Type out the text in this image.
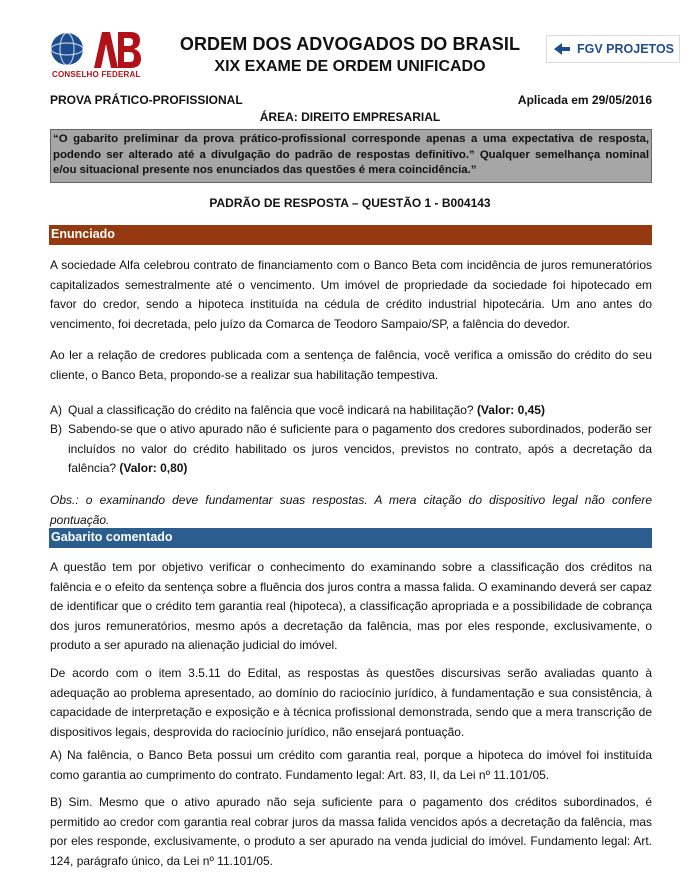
CONSELHO FEDERAL
ORDEM DOS ADVOGADOS DO BRASIL
XIX EXAME DE ORDEM UNIFICADO
FGV PROJETOS
PROVA PRÁTICO-PROFISSIONAL	Aplicada em 29/05/2016
ÁREA: DIREITO EMPRESARIAL
“O gabarito preliminar da prova prático-profissional corresponde apenas a uma expectativa de resposta, podendo ser alterado até a divulgação do padrão de respostas definitivo.” Qualquer semelhança nominal e/ou situacional presente nos enunciados das questões é mera coincidência.”
PADRÃO DE RESPOSTA – QUESTÃO 1 - B004143
Enunciado
A sociedade Alfa celebrou contrato de financiamento com o Banco Beta com incidência de juros remuneratórios capitalizados semestralmente até o vencimento. Um imóvel de propriedade da sociedade foi hipotecado em favor do credor, sendo a hipoteca instituída na cédula de crédito industrial hipotecária. Um ano antes do vencimento, foi decretada, pelo juízo da Comarca de Teodoro Sampaio/SP, a falência do devedor.
Ao ler a relação de credores publicada com a sentença de falência, você verifica a omissão do crédito do seu cliente, o Banco Beta, propondo-se a realizar sua habilitação tempestiva.
A) Qual a classificação do crédito na falência que você indicará na habilitação? (Valor: 0,45)
B) Sabendo-se que o ativo apurado não é suficiente para o pagamento dos credores subordinados, poderão ser incluídos no valor do crédito habilitado os juros vencidos, previstos no contrato, após a decretação da falência? (Valor: 0,80)
Obs.: o examinando deve fundamentar suas respostas. A mera citação do dispositivo legal não confere pontuação.
Gabarito comentado
A questão tem por objetivo verificar o conhecimento do examinando sobre a classificação dos créditos na falência e o efeito da sentença sobre a fluência dos juros contra a massa falida. O examinando deverá ser capaz de identificar que o crédito tem garantia real (hipoteca), a classificação apropriada e a possibilidade de cobrança dos juros remuneratórios, mesmo após a decretação da falência, mas por eles responde, exclusivamente, o produto a ser apurado na alienação judicial do imóvel.
De acordo com o item 3.5.11 do Edital, as respostas às questões discursivas serão avaliadas quanto à adequação ao problema apresentado, ao domínio do raciocínio jurídico, à fundamentação e sua consistência, à capacidade de interpretação e exposição e à técnica profissional demonstrada, sendo que a mera transcrição de dispositivos legais, desprovida do raciocínio jurídico, não ensejará pontuação.
A) Na falência, o Banco Beta possui um crédito com garantia real, porque a hipoteca do imóvel foi instituída como garantia ao cumprimento do contrato. Fundamento legal: Art. 83, II, da Lei nº 11.101/05.
B) Sim. Mesmo que o ativo apurado não seja suficiente para o pagamento dos créditos subordinados, é permitido ao credor com garantia real cobrar juros da massa falida vencidos após a decretação da falência, mas por eles responde, exclusivamente, o produto a ser apurado na venda judicial do imóvel. Fundamento legal: Art. 124, parágrafo único, da Lei nº 11.101/05.
